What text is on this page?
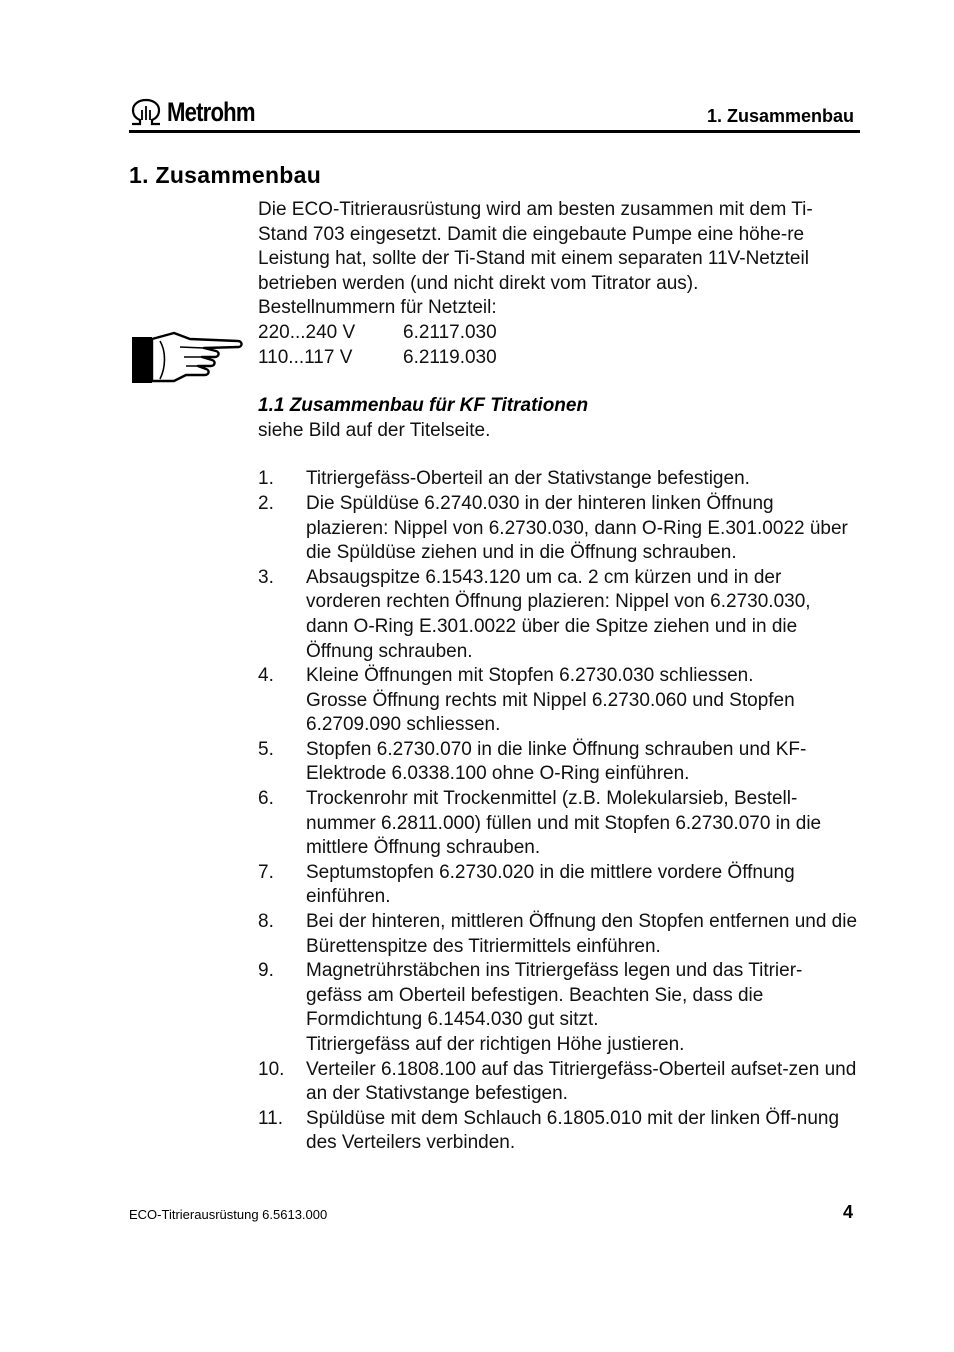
Metrohm	1. Zusammenbau
1. Zusammenbau

Die ECO-Titrierausrüstung wird am besten zusammen mit dem Ti-Stand 703 eingesetzt. Damit die eingebaute Pumpe eine höhe-re Leistung hat, sollte der Ti-Stand mit einem separaten 11V-Netzteil betrieben werden (und nicht direkt vom Titrator aus).

Bestellnummern für Netzteil:

220...240 V	6.2117.030
110...117 V	6.2119.030
1.1 Zusammenbau für KF Titrationen

siehe Bild auf der Titelseite.

1.	Titriergefäss-Oberteil an der Stativstange befestigen.
2.	Die Spüldüse 6.2740.030 in der hinteren linken Öffnung plazieren: Nippel von 6.2730.030, dann O-Ring E.301.0022 über die Spüldüse ziehen und in die Öffnung schrauben.
3.	Absaugspitze 6.1543.120 um ca. 2 cm kürzen und in der vorderen rechten Öffnung plazieren: Nippel von 6.2730.030, dann O-Ring E.301.0022 über die Spitze ziehen und in die Öffnung schrauben.
4.	Kleine Öffnungen mit Stopfen 6.2730.030 schliessen.
Grosse Öffnung rechts mit Nippel 6.2730.060 und Stopfen 6.2709.090 schliessen.
5.	Stopfen 6.2730.070 in die linke Öffnung schrauben und KF-Elektrode 6.0338.100 ohne O-Ring einführen.
6.	Trockenrohr mit Trockenmittel (z.B. Molekularsieb, Bestell-nummer 6.2811.000) füllen und mit Stopfen 6.2730.070 in die mittlere Öffnung schrauben.
7.	Septumstopfen 6.2730.020 in die mittlere vordere Öffnung einführen.
8.	Bei der hinteren, mittleren Öffnung den Stopfen entfernen und die Bürettenspitze des Titriermittels einführen.
9.	Magnetrührstäbchen ins Titriergefäss legen und das Titrier-gefäss am Oberteil befestigen. Beachten Sie, dass die Formdichtung 6.1454.030 gut sitzt.
Titriergefäss auf der richtigen Höhe justieren.
10.	Verteiler 6.1808.100 auf das Titriergefäss-Oberteil aufset-zen und an der Stativstange befestigen.
11.	Spüldüse mit dem Schlauch 6.1805.010 mit der linken Öff-nung des Verteilers verbinden.
ECO-Titrierausrüstung 6.5613.000	4
